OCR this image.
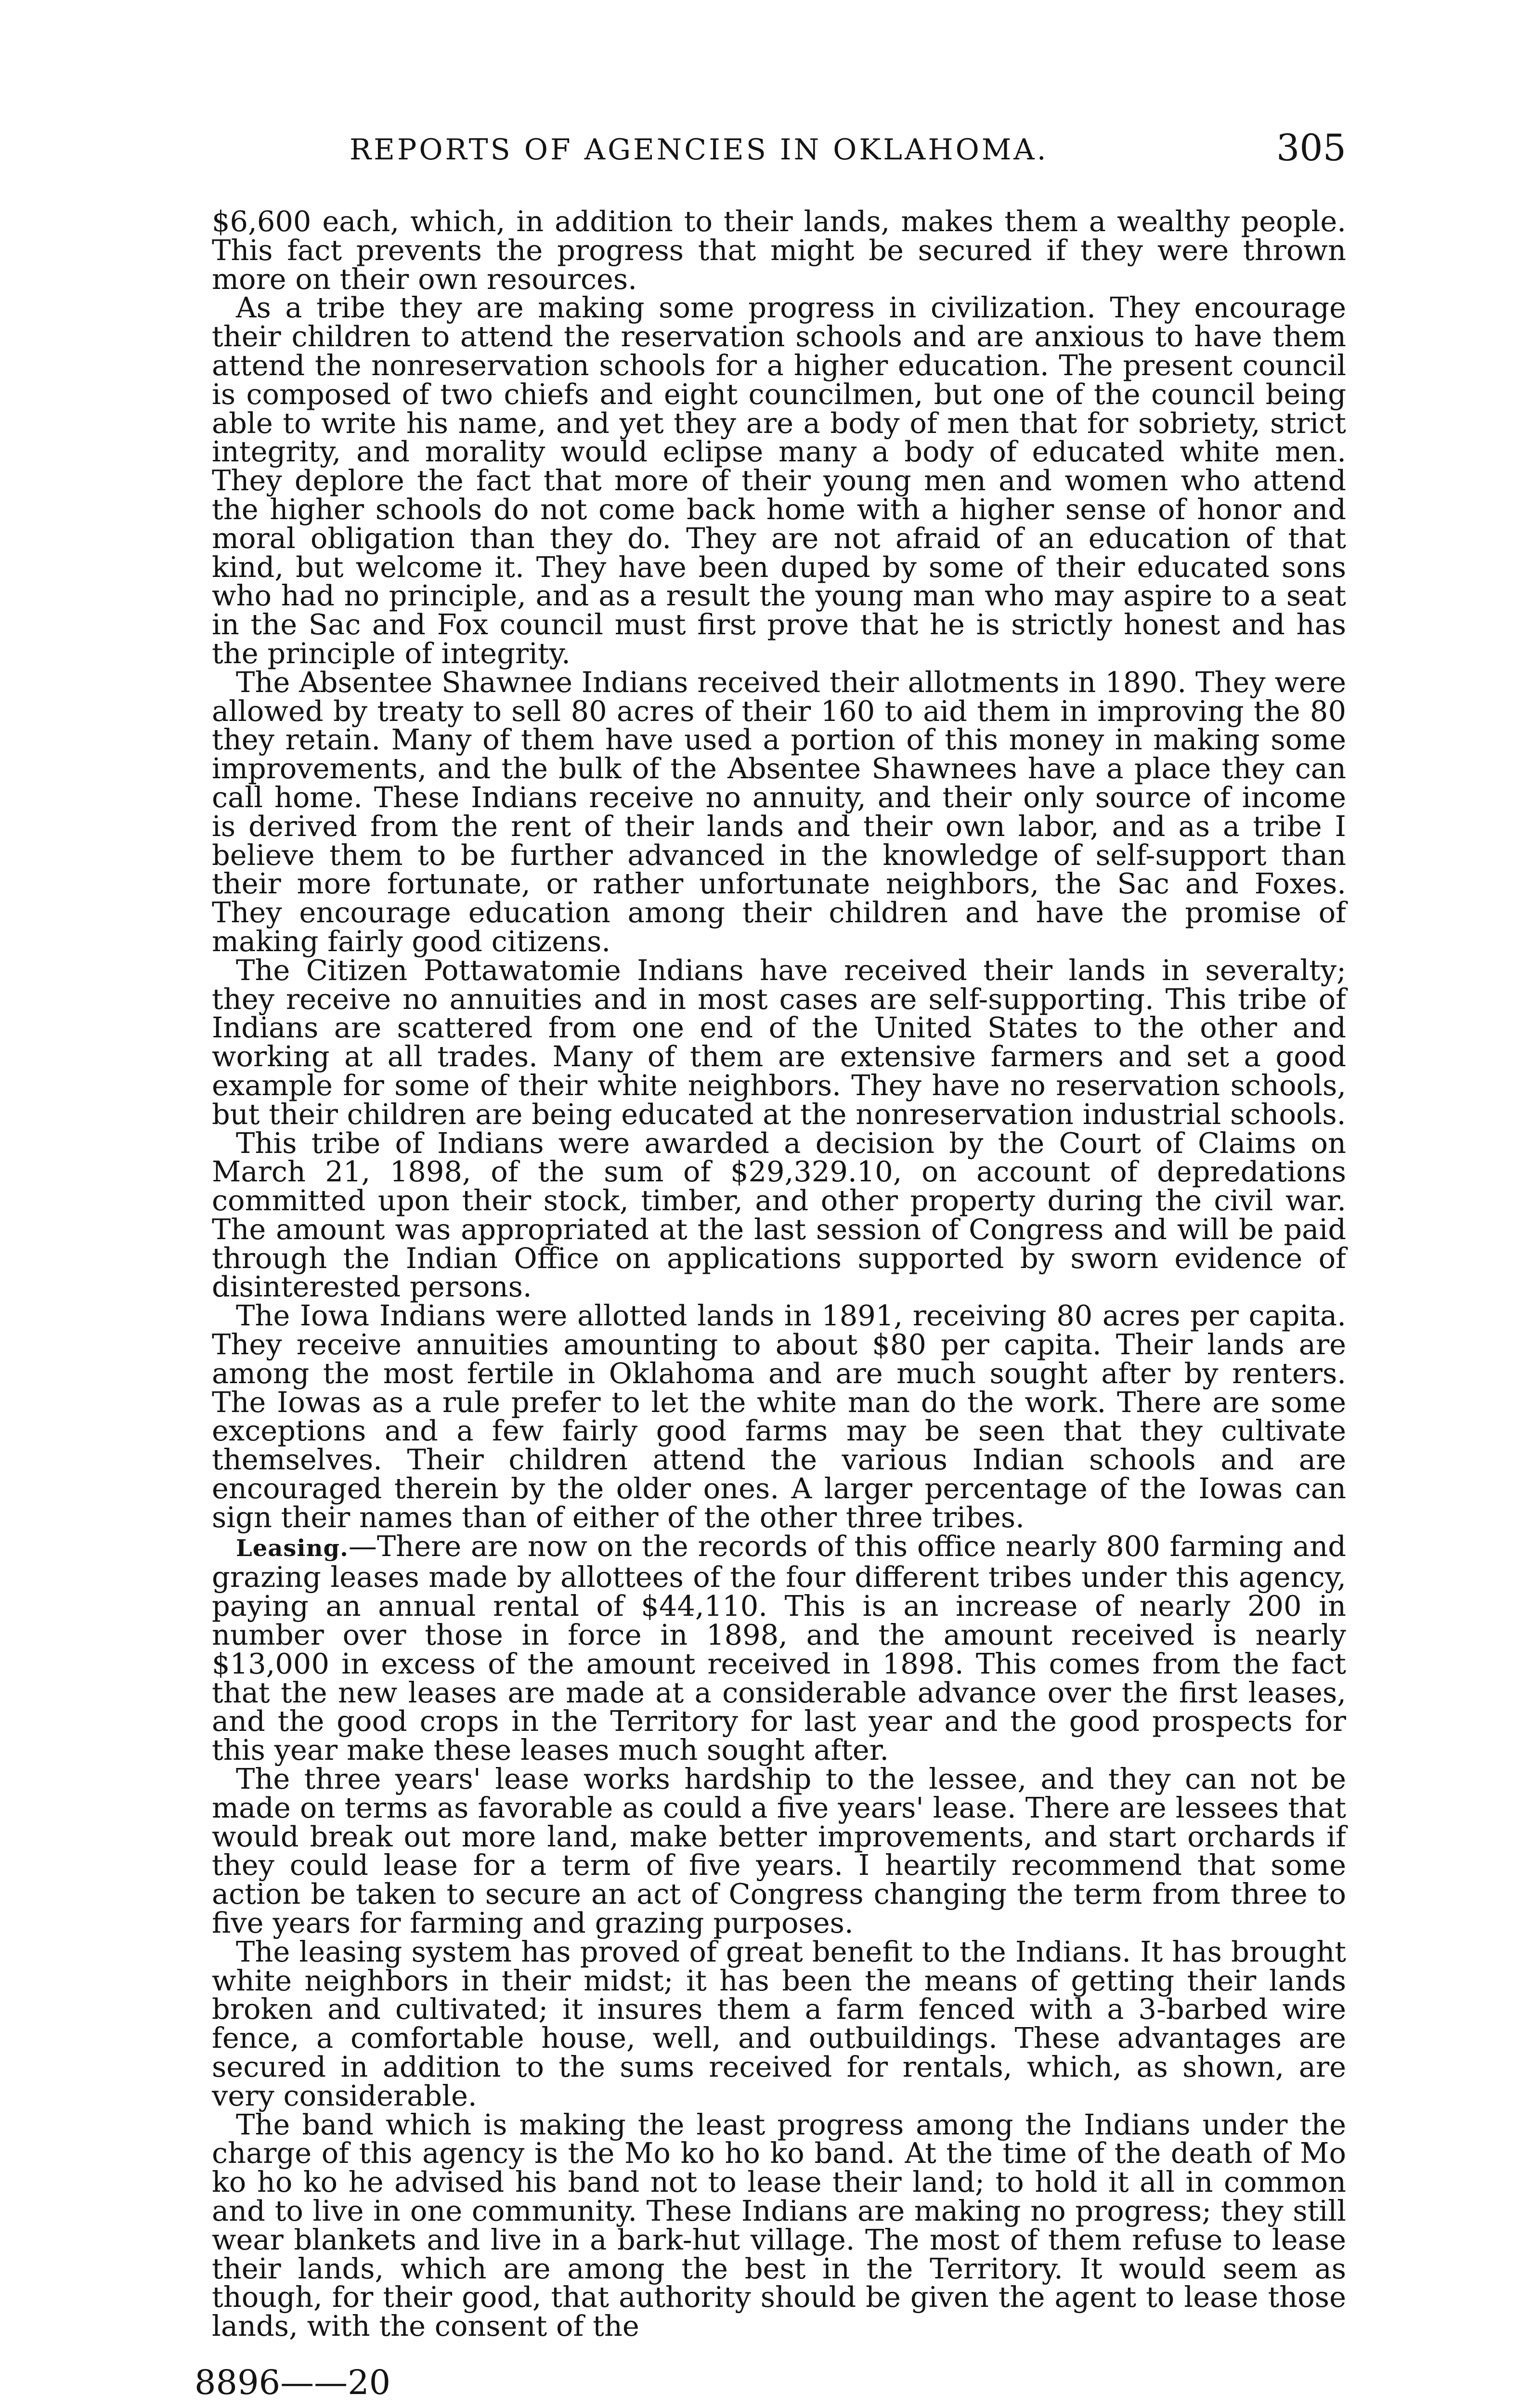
REPORTS OF AGENCIES IN OKLAHOMA.	305

$6,600 each, which, in addition to their lands, makes them a wealthy people. This fact prevents the progress that might be secured if they were thrown more on their own resources.

As a tribe they are making some progress in civilization. They encourage their children to attend the reservation schools and are anxious to have them attend the nonreservation schools for a higher education. The present council is composed of two chiefs and eight councilmen, but one of the council being able to write his name, and yet they are a body of men that for sobriety, strict integrity, and morality would eclipse many a body of educated white men. They deplore the fact that more of their young men and women who attend the higher schools do not come back home with a higher sense of honor and moral obligation than they do. They are not afraid of an education of that kind, but welcome it. They have been duped by some of their educated sons who had no principle, and as a result the young man who may aspire to a seat in the Sac and Fox council must first prove that he is strictly honest and has the principle of integrity.

The Absentee Shawnee Indians received their allotments in 1890. They were allowed by treaty to sell 80 acres of their 160 to aid them in improving the 80 they retain. Many of them have used a portion of this money in making some improvements, and the bulk of the Absentee Shawnees have a place they can call home. These Indians receive no annuity, and their only source of income is derived from the rent of their lands and their own labor, and as a tribe I believe them to be further advanced in the knowledge of self-support than their more fortunate, or rather unfortunate neighbors, the Sac and Foxes. They encourage education among their children and have the promise of making fairly good citizens.

The Citizen Pottawatomie Indians have received their lands in severalty; they receive no annuities and in most cases are self-supporting. This tribe of Indians are scattered from one end of the United States to the other and working at all trades. Many of them are extensive farmers and set a good example for some of their white neighbors. They have no reservation schools, but their children are being educated at the nonreservation industrial schools.

This tribe of Indians were awarded a decision by the Court of Claims on March 21, 1898, of the sum of $29,329.10, on account of depredations committed upon their stock, timber, and other property during the civil war. The amount was appropriated at the last session of Congress and will be paid through the Indian Office on applications supported by sworn evidence of disinterested persons.

The Iowa Indians were allotted lands in 1891, receiving 80 acres per capita. They receive annuities amounting to about $80 per capita. Their lands are among the most fertile in Oklahoma and are much sought after by renters. The Iowas as a rule prefer to let the white man do the work. There are some exceptions and a few fairly good farms may be seen that they cultivate themselves. Their children attend the various Indian schools and are encouraged therein by the older ones. A larger percentage of the Iowas can sign their names than of either of the other three tribes.

Leasing.—There are now on the records of this office nearly 800 farming and grazing leases made by allottees of the four different tribes under this agency, paying an annual rental of $44,110. This is an increase of nearly 200 in number over those in force in 1898, and the amount received is nearly $13,000 in excess of the amount received in 1898. This comes from the fact that the new leases are made at a considerable advance over the first leases, and the good crops in the Territory for last year and the good prospects for this year make these leases much sought after.

The three years' lease works hardship to the lessee, and they can not be made on terms as favorable as could a five years' lease. There are lessees that would break out more land, make better improvements, and start orchards if they could lease for a term of five years. I heartily recommend that some action be taken to secure an act of Congress changing the term from three to five years for farming and grazing purposes.

The leasing system has proved of great benefit to the Indians. It has brought white neighbors in their midst; it has been the means of getting their lands broken and cultivated; it insures them a farm fenced with a 3-barbed wire fence, a comfortable house, well, and outbuildings. These advantages are secured in addition to the sums received for rentals, which, as shown, are very considerable.

The band which is making the least progress among the Indians under the charge of this agency is the Mo ko ho ko band. At the time of the death of Mo ko ho ko he advised his band not to lease their land; to hold it all in common and to live in one community. These Indians are making no progress; they still wear blankets and live in a bark-hut village. The most of them refuse to lease their lands, which are among the best in the Territory. It would seem as though, for their good, that authority should be given the agent to lease those lands, with the consent of the

8896——20
